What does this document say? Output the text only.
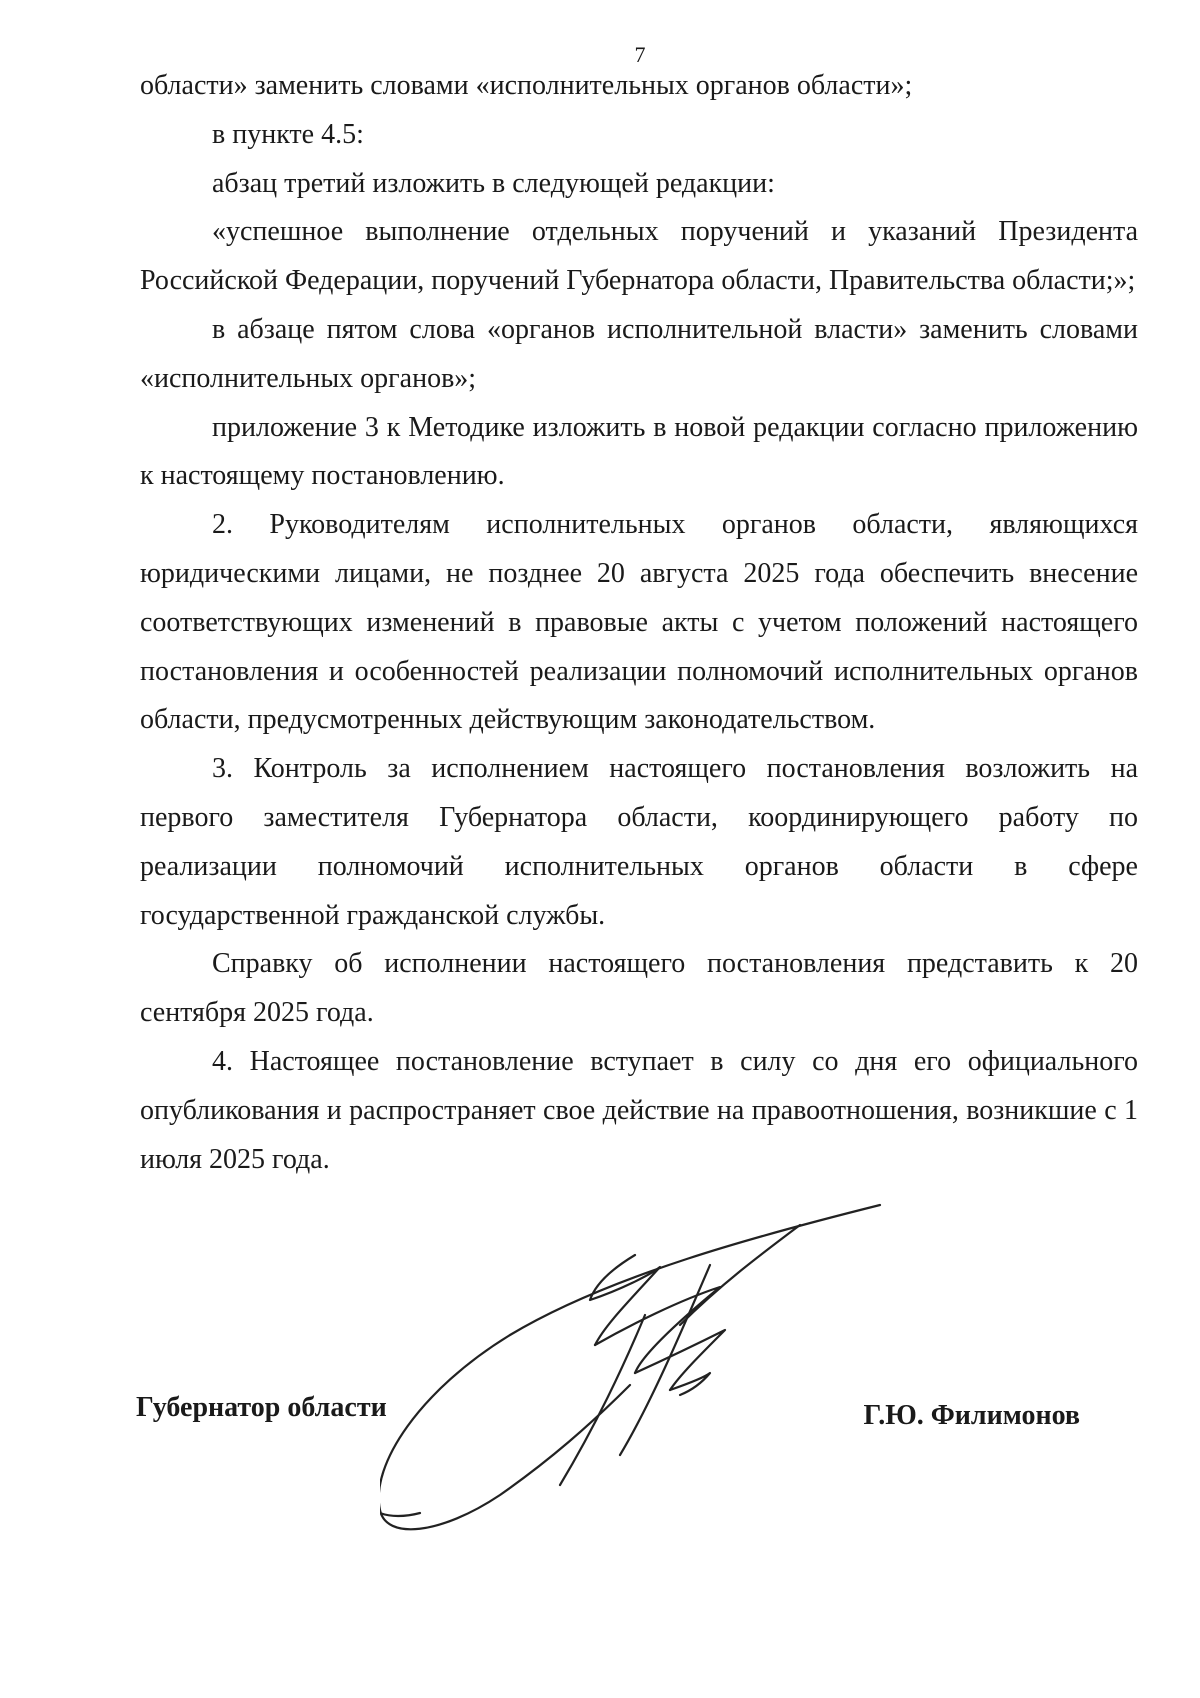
7

области» заменить словами «исполнительных органов области»;

в пункте 4.5:

абзац третий изложить в следующей редакции:

«успешное выполнение отдельных поручений и указаний Президента Российской Федерации, поручений Губернатора области, Правительства области;»;

в абзаце пятом слова «органов исполнительной власти» заменить словами «исполнительных органов»;

приложение 3 к Методике изложить в новой редакции согласно приложению к настоящему постановлению.

2. Руководителям исполнительных органов области, являющихся юридическими лицами, не позднее 20 августа 2025 года обеспечить внесение соответствующих изменений в правовые акты с учетом положений настоящего постановления и особенностей реализации полномочий исполнительных органов области, предусмотренных действующим законодательством.

3. Контроль за исполнением настоящего постановления возложить на первого заместителя Губернатора области, координирующего работу по реализации полномочий исполнительных органов области в сфере государственной гражданской службы.

Справку об исполнении настоящего постановления представить к 20 сентября 2025 года.

4. Настоящее постановление вступает в силу со дня его официального опубликования и распространяет свое действие на правоотношения, возникшие с 1 июля 2025 года.

Губернатор области	Г.Ю. Филимонов
